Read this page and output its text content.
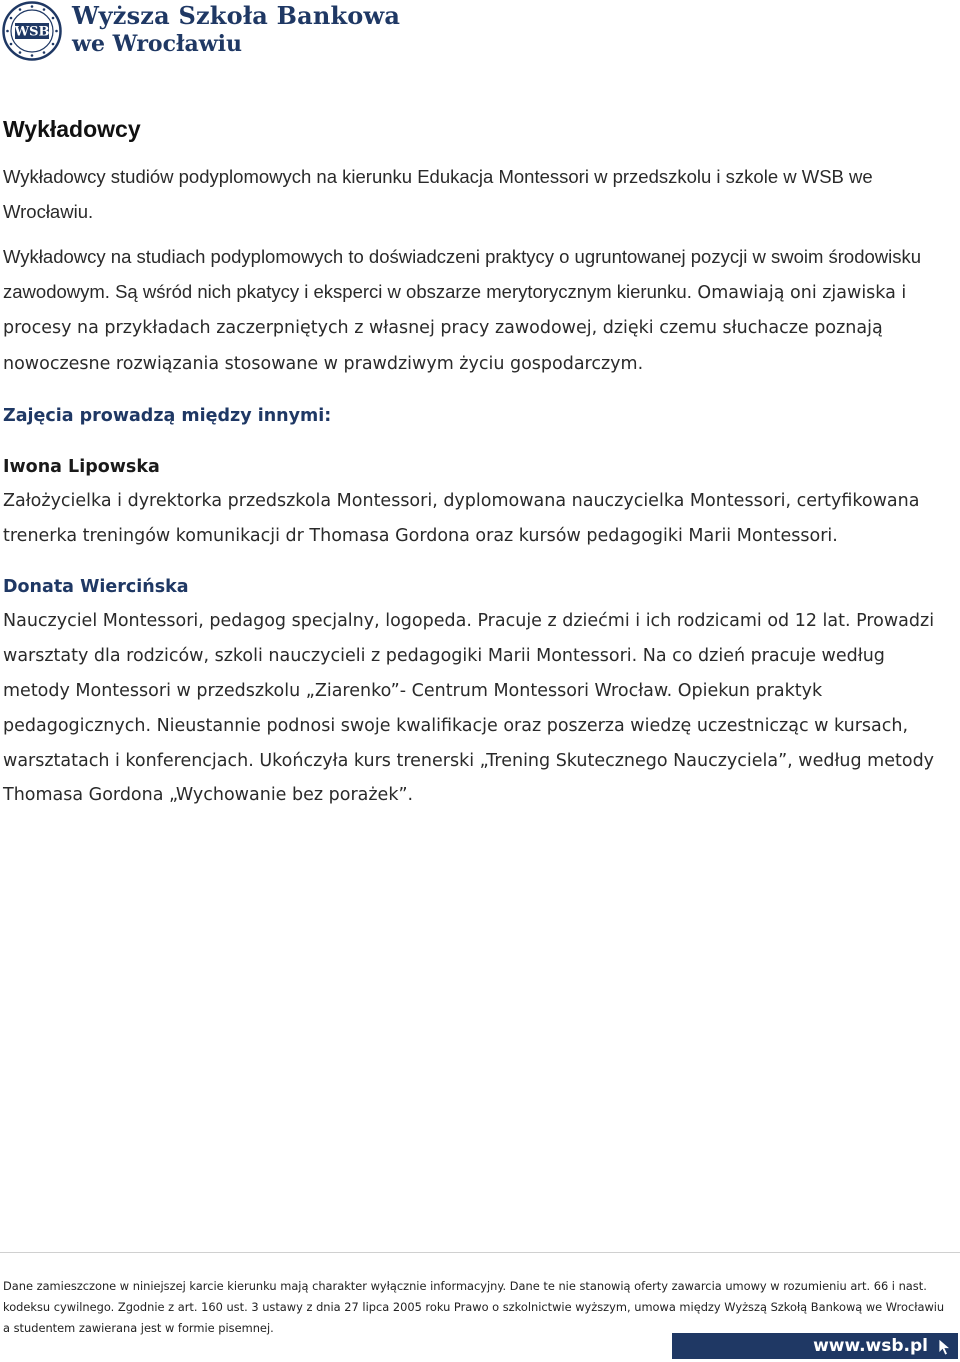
WSB
Wyższa Szkoła Bankowa
we Wrocławiu
Wykładowcy

Wykładowcy studiów podyplomowych na kierunku Edukacja Montessori w przedszkolu i szkole w WSB we Wrocławiu.

Wykładowcy na studiach podyplomowych to doświadczeni praktycy o ugruntowanej pozycji w swoim środowisku zawodowym. Są wśród nich pkatycy i eksperci w obszarze merytorycznym kierunku. Omawiają oni zjawiska i procesy na przykładach zaczerpniętych z własnej pracy zawodowej, dzięki czemu słuchacze poznają nowoczesne rozwiązania stosowane w prawdziwym życiu gospodarczym.

Zajęcia prowadzą między innymi:
Iwona Lipowska

Założycielka i dyrektorka przedszkola Montessori, dyplomowana nauczycielka Montessori, certyfikowana trenerka treningów komunikacji dr Thomasa Gordona oraz kursów pedagogiki Marii Montessori.

Donata Wiercińska

Nauczyciel Montessori, pedagog specjalny, logopeda. Pracuje z dziećmi i ich rodzicami od 12 lat. Prowadzi warsztaty dla rodziców, szkoli nauczycieli z pedagogiki Marii Montessori. Na co dzień pracuje według metody Montessori w przedszkolu „Ziarenko”- Centrum Montessori Wrocław. Opiekun praktyk pedagogicznych. Nieustannie podnosi swoje kwalifikacje oraz poszerza wiedzę uczestnicząc w kursach, warsztatach i konferencjach. Ukończyła kurs trenerski „Trening Skutecznego Nauczyciela”, według metody Thomasa Gordona „Wychowanie bez porażek”.

Dane zamieszczone w niniejszej karcie kierunku mają charakter wyłącznie informacyjny. Dane te nie stanowią oferty zawarcia umowy w rozumieniu art. 66 i nast. kodeksu cywilnego. Zgodnie z art. 160 ust. 3 ustawy z dnia 27 lipca 2005 roku Prawo o szkolnictwie wyższym, umowa między Wyższą Szkołą Bankową we Wrocławiu a studentem zawierana jest w formie pisemnej.

www.wsb.pl
